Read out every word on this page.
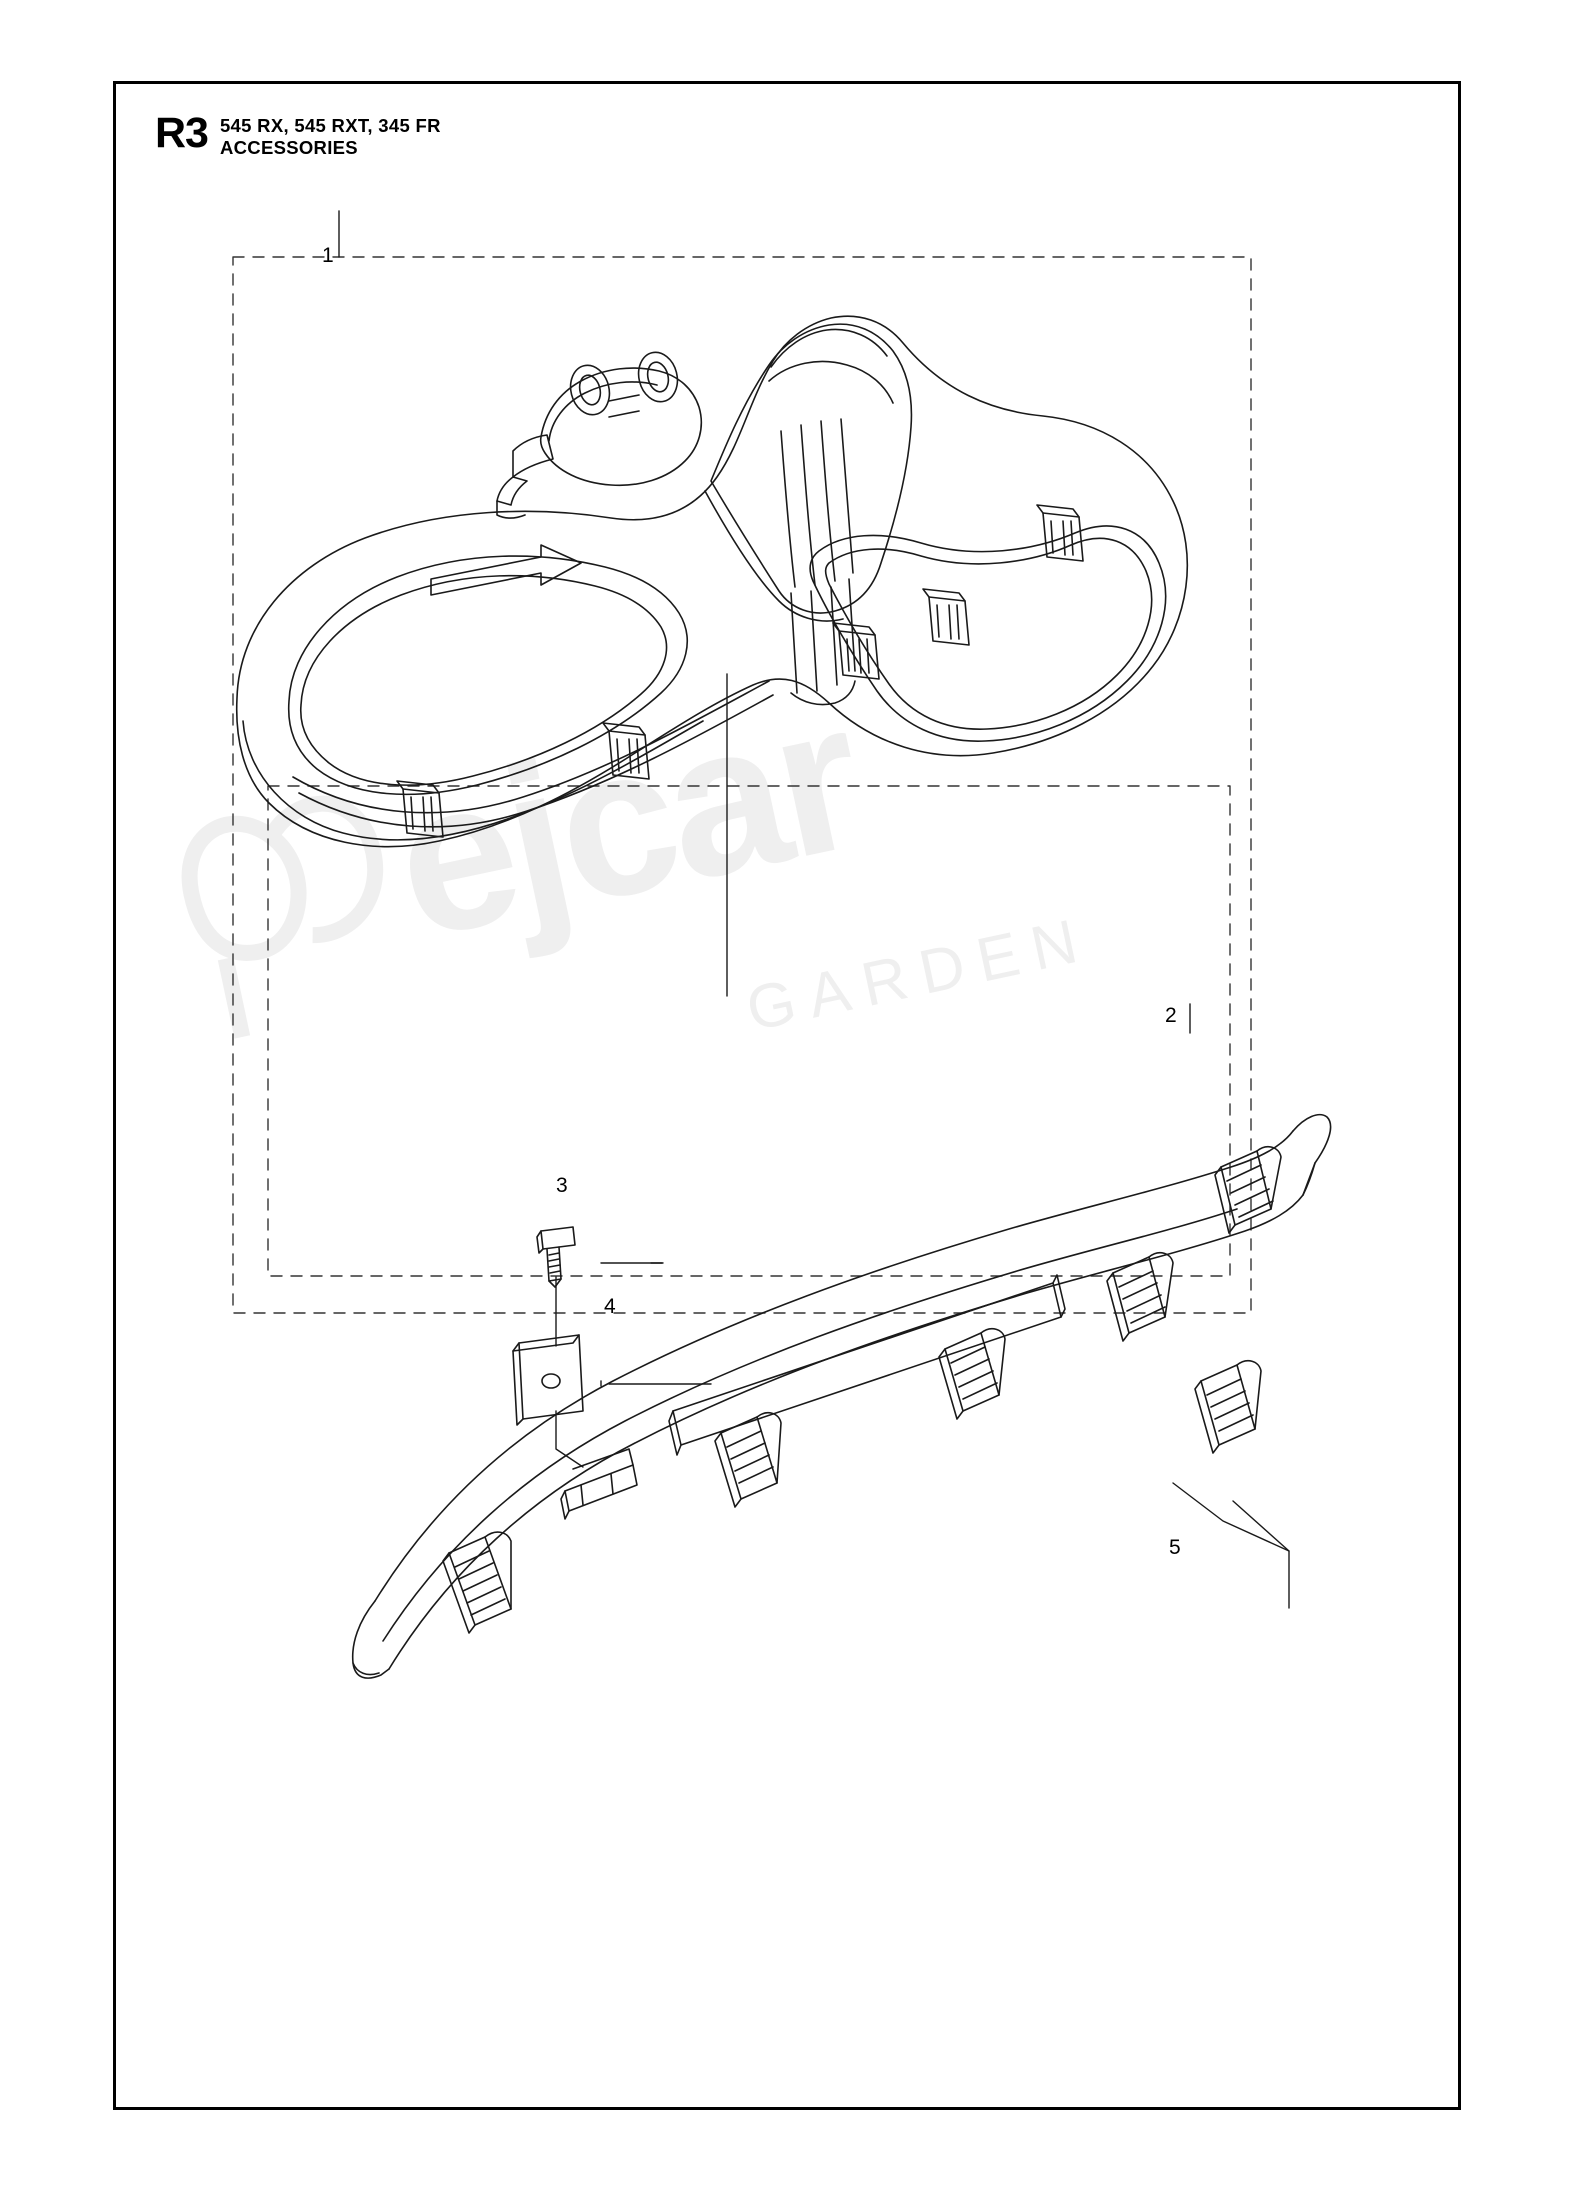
R3 545 RX, 545 RXT, 345 FR
ACCESSORIES
ejcar
GARDEN
1
2
3
4
5
